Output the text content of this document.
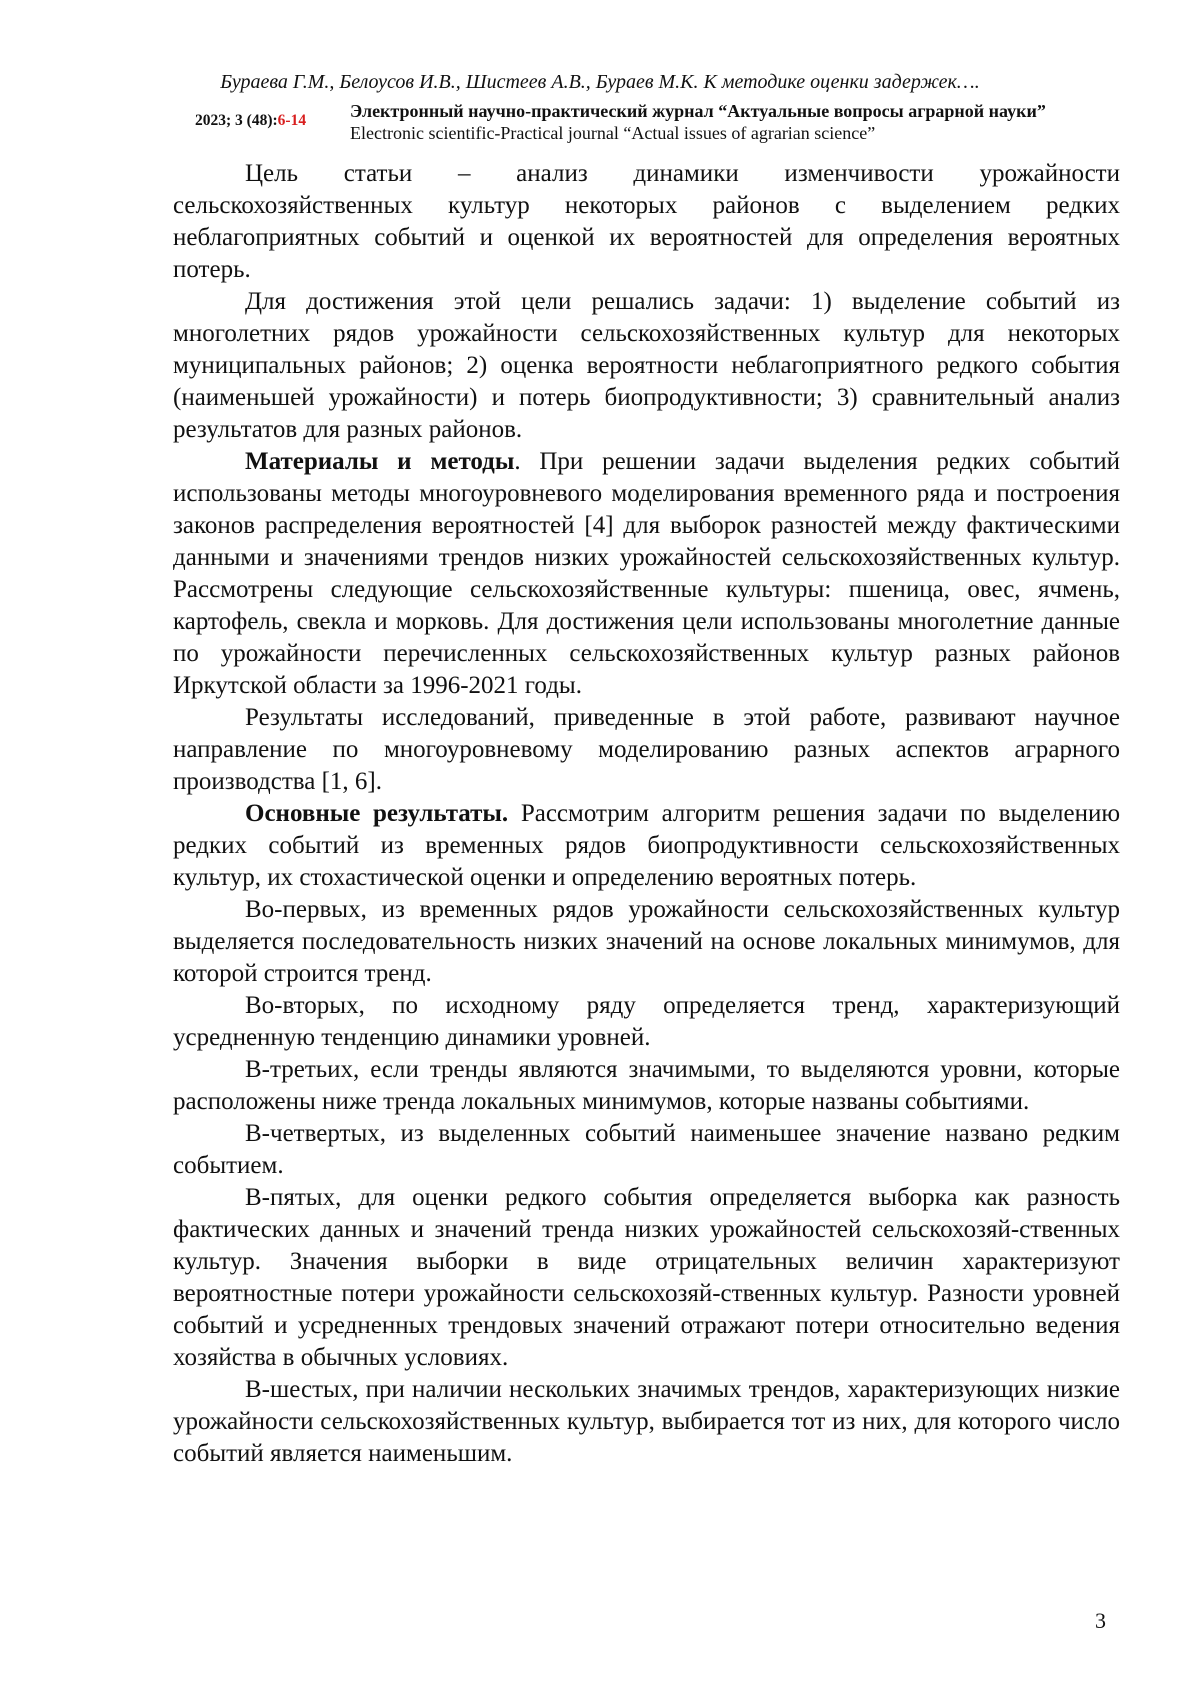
Бураева Г.М., Белоусов И.В., Шистеев А.В., Бураев М.К. К методике оценки задержек….
2023; 3 (48):6-14 Электронный научно-практический журнал “Актуальные вопросы аграрной науки”
Electronic scientific-Practical journal “Actual issues of agrarian science”

Цель статьи – анализ динамики изменчивости урожайности сельскохозяйственных культур некоторых районов с выделением редких неблагоприятных событий и оценкой их вероятностей для определения вероятных потерь.

Для достижения этой цели решались задачи: 1) выделение событий из многолетних рядов урожайности сельскохозяйственных культур для некоторых муниципальных районов; 2) оценка вероятности неблагоприятного редкого события (наименьшей урожайности) и потерь биопродуктивности; 3) сравнительный анализ результатов для разных районов.

Материалы и методы. При решении задачи выделения редких событий использованы методы многоуровневого моделирования временного ряда и построения законов распределения вероятностей [4] для выборок разностей между фактическими данными и значениями трендов низких урожайностей сельскохозяйственных культур. Рассмотрены следующие сельскохозяйственные культуры: пшеница, овес, ячмень, картофель, свекла и морковь. Для достижения цели использованы многолетние данные по урожайности перечисленных сельскохозяйственных культур разных районов Иркутской области за 1996-2021 годы.

Результаты исследований, приведенные в этой работе, развивают научное направление по многоуровневому моделированию разных аспектов аграрного производства [1, 6].

Основные результаты. Рассмотрим алгоритм решения задачи по выделению редких событий из временных рядов биопродуктивности сельскохозяйственных культур, их стохастической оценки и определению вероятных потерь.

Во-первых, из временных рядов урожайности сельскохозяйственных культур выделяется последовательность низких значений на основе локальных минимумов, для которой строится тренд.

Во-вторых, по исходному ряду определяется тренд, характеризующий усредненную тенденцию динамики уровней.

В-третьих, если тренды являются значимыми, то выделяются уровни, которые расположены ниже тренда локальных минимумов, которые названы событиями.

В-четвертых, из выделенных событий наименьшее значение названо редким событием.

В-пятых, для оценки редкого события определяется выборка как разность фактических данных и значений тренда низких урожайностей сельскохозяй-ственных культур. Значения выборки в виде отрицательных величин характеризуют вероятностные потери урожайности сельскохозяй-ственных культур. Разности уровней событий и усредненных трендовых значений отражают потери относительно ведения хозяйства в обычных условиях.

В-шестых, при наличии нескольких значимых трендов, характеризующих низкие урожайности сельскохозяйственных культур, выбирается тот из них, для которого число событий является наименьшим.

3
